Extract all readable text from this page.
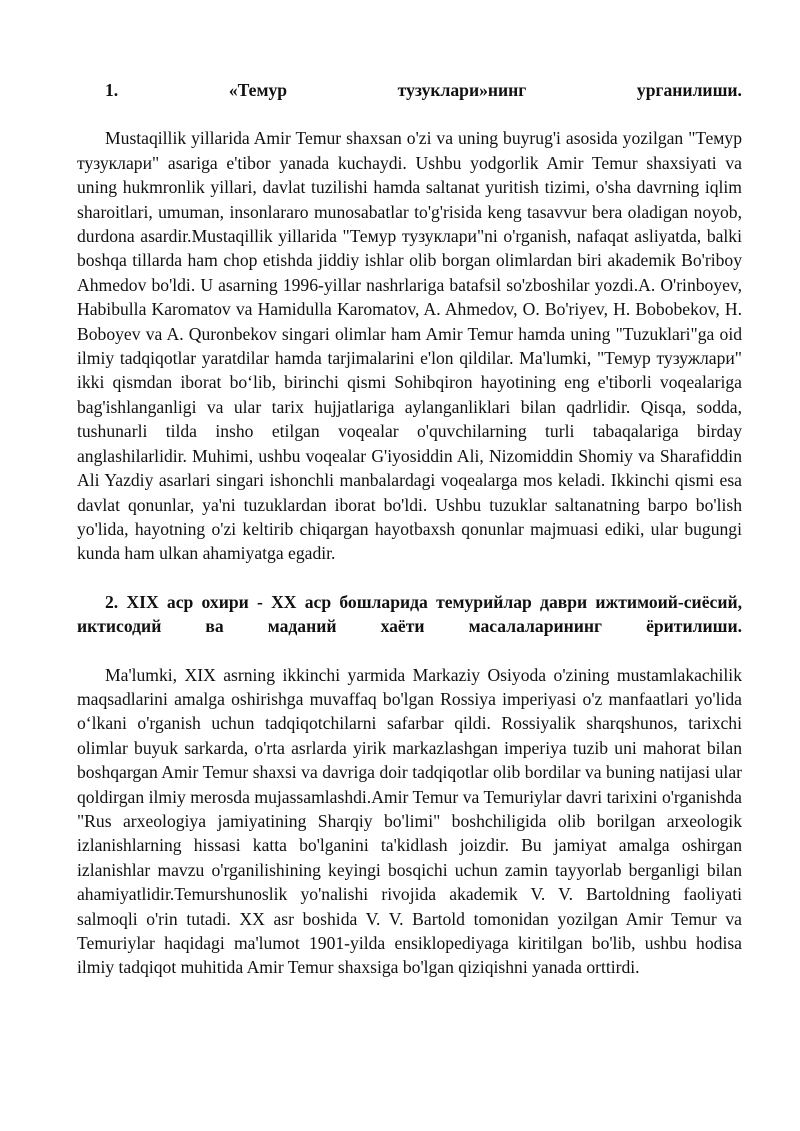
1.	«Темур	тузуклари»нинг	урганилиши.

Mustaqillik yillarida Amir Temur shaxsan o'zi va uning buyrug'i asosida yozilgan "Темур тузуклари" asariga e'tibor yanada kuchaydi. Ushbu yodgorlik Amir Temur shaxsiyati va uning hukmronlik yillari, davlat tuzilishi hamda saltanat yuritish tizimi, o'sha davrning iqlim sharoitlari, umuman, insonlararo munosabatlar to'g'risida keng tasavvur bera oladigan noyob, durdona asardir.Mustaqillik yillarida "Темур тузуклари"ni o'rganish, nafaqat asliyatda, balki boshqa tillarda ham chop etishda jiddiy ishlar olib borgan olimlardan biri akademik Bo'riboy Ahmedov bo'ldi. U asarning 1996-yillar nashrlariga batafsil so'zboshilar yozdi.A. O'rinboyev, Habibulla Karomatov va Hamidulla Karomatov, A. Ahmedov, O. Bo'riyev, H. Bobobekov, H. Boboyev va A. Quronbekov singari olimlar ham Amir Temur hamda uning "Tuzuklari"ga oid ilmiy tadqiqotlar yaratdilar hamda tarjimalarini e'lon qildilar. Ma'lumki, "Темур тузужлари" ikki qismdan iborat bo‘lib, birinchi qismi Sohibqiron hayotining eng e'tiborli voqealariga bag'ishlanganligi va ular tarix hujjatlariga aylanganliklari bilan qadrlidir. Qisqa, sodda, tushunarli tilda insho etilgan voqealar o'quvchilarning turli tabaqalariga birday anglashilarlidir. Muhimi, ushbu voqealar G'iyosiddin Ali, Nizomiddin Shomiy va Sharafiddin Ali Yazdiy asarlari singari ishonchli manbalardagi voqealarga mos keladi. Ikkinchi qismi esa davlat qonunlar, ya'ni tuzuklardan iborat bo'ldi. Ushbu tuzuklar saltanatning barpo bo'lish yo'lida, hayotning o'zi keltirib chiqargan hayotbaxsh qonunlar majmuasi ediki, ular bugungi kunda ham ulkan ahamiyatga egadir.

2. XIX аср охири - XX аср бошларида темурийлар даври ижтимоий-сиёсий, иктисодий ва маданий хаёти масалаларининг ёритилиши.

Ma'lumki, XIX asrning ikkinchi yarmida Markaziy Osiyoda o'zining mustamlakachilik maqsadlarini amalga oshirishga muvaffaq bo'lgan Rossiya imperiyasi o'z manfaatlari yo'lida o‘lkani o'rganish uchun tadqiqotchilarni safarbar qildi. Rossiyalik sharqshunos, tarixchi olimlar buyuk sarkarda, o'rta asrlarda yirik markazlashgan imperiya tuzib uni mahorat bilan boshqargan Amir Temur shaxsi va davriga doir tadqiqotlar olib bordilar va buning natijasi ular qoldirgan ilmiy merosda mujassamlashdi.Amir Temur va Temuriylar davri tarixini o'rganishda "Rus arxeologiya jamiyatining Sharqiy bo'limi" boshchiligida olib borilgan arxeologik izlanishlarning hissasi katta bo'lganini ta'kidlash joizdir. Bu jamiyat amalga oshirgan izlanishlar mavzu o'rganilishining keyingi bosqichi uchun zamin tayyorlab berganligi bilan ahamiyatlidir.Temurshunoslik yo'nalishi rivojida akademik V. V. Bartoldning faoliyati salmoqli o'rin tutadi. XX asr boshida V. V. Bartold tomonidan yozilgan Amir Temur va Temuriylar haqidagi ma'lumot 1901-yilda ensiklopediyaga kiritilgan bo'lib, ushbu hodisa ilmiy tadqiqot muhitida Amir Temur shaxsiga bo'lgan qiziqishni yanada orttirdi.
